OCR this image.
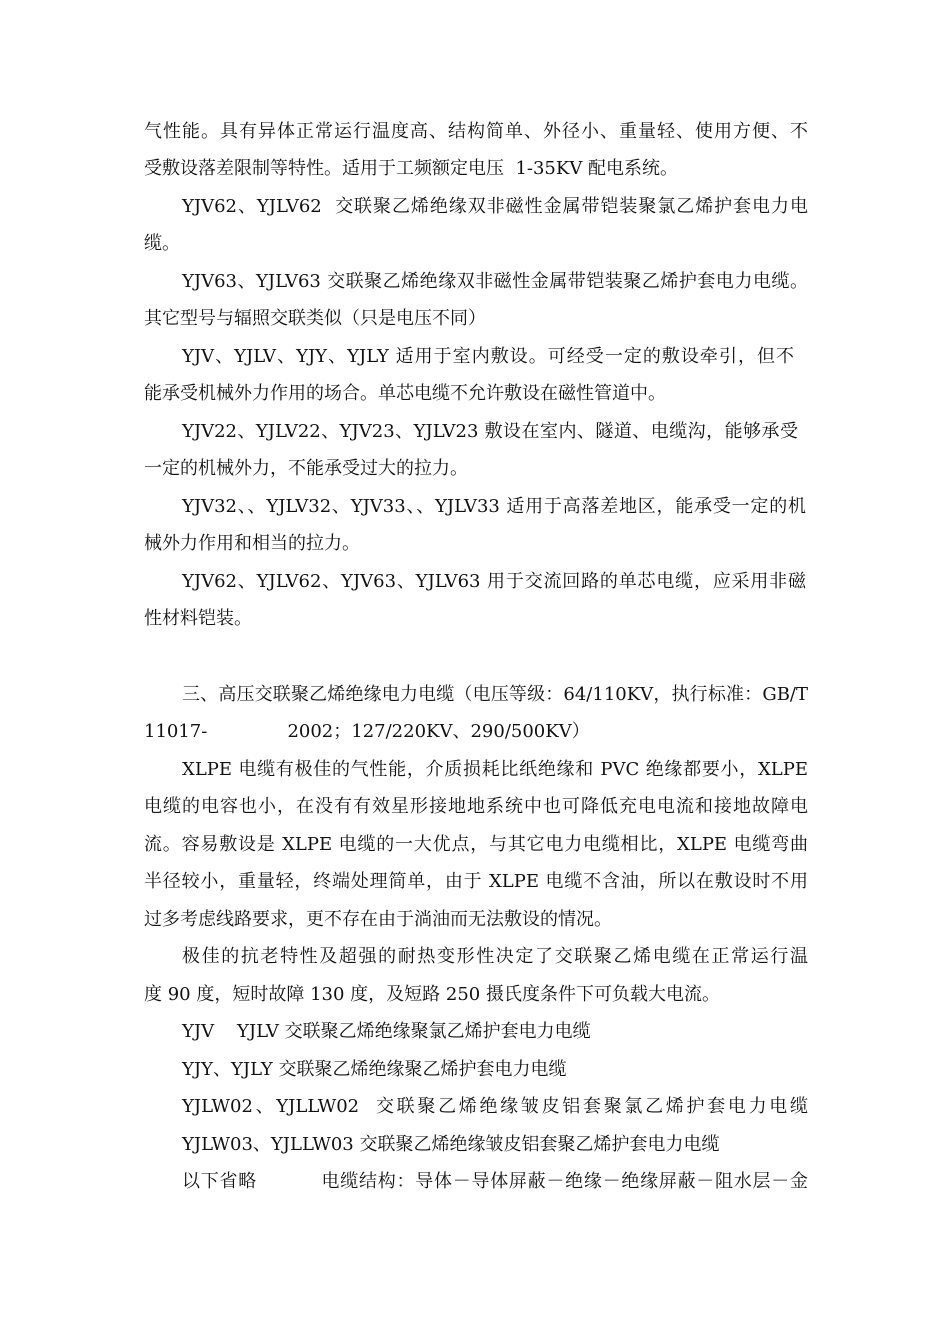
气性能。具有异体正常运行温度高、结构简单、外径小、重量轻、使用方便、不
受敷设落差限制等特性。适用于工频额定电压  1-35KV 配电系统。
YJV62、YJLV62  交联聚乙烯绝缘双非磁性金属带铠装聚氯乙烯护套电力电
缆。
YJV63、YJLV63 交联聚乙烯绝缘双非磁性金属带铠装聚乙烯护套电力电缆。
其它型号与辐照交联类似（只是电压不同）
YJV、YJLV、YJY、YJLY 适用于室内敷设。可经受一定的敷设牵引，但不
能承受机械外力作用的场合。单芯电缆不允许敷设在磁性管道中。
YJV22、YJLV22、YJV23、YJLV23 敷设在室内、隧道、电缆沟，能够承受
一定的机械外力，不能承受过大的拉力。
YJV32、、YJLV32、YJV33、、YJLV33 适用于高落差地区，能承受一定的机
械外力作用和相当的拉力。
YJV62、YJLV62、YJV63、YJLV63 用于交流回路的单芯电缆，应采用非磁
性材料铠装。
三、高压交联聚乙烯绝缘电力电缆（电压等级：64/110KV，执行标准：GB/T
11017-              2002；127/220KV、290/500KV）
XLPE 电缆有极佳的气性能，介质损耗比纸绝缘和 PVC 绝缘都要小，XLPE
电缆的电容也小，在没有有效星形接地地系统中也可降低充电电流和接地故障电
流。容易敷设是 XLPE 电缆的一大优点，与其它电力电缆相比，XLPE 电缆弯曲
半径较小，重量轻，终端处理简单，由于 XLPE 电缆不含油，所以在敷设时不用
过多考虑线路要求，更不存在由于淌油而无法敷设的情况。
极佳的抗老特性及超强的耐热变形性决定了交联聚乙烯电缆在正常运行温
度 90 度，短时故障 130 度，及短路 250 摄氏度条件下可负载大电流。
YJV    YJLV 交联聚乙烯绝缘聚氯乙烯护套电力电缆
YJY、YJLY 交联聚乙烯绝缘聚乙烯护套电力电缆
YJLW02、YJLLW02  交联聚乙烯绝缘皱皮铝套聚氯乙烯护套电力电缆
YJLW03、YJLLW03 交联聚乙烯绝缘皱皮铝套聚乙烯护套电力电缆
以下省略          电缆结构：导体－导体屏蔽－绝缘－绝缘屏蔽－阻水层－金
